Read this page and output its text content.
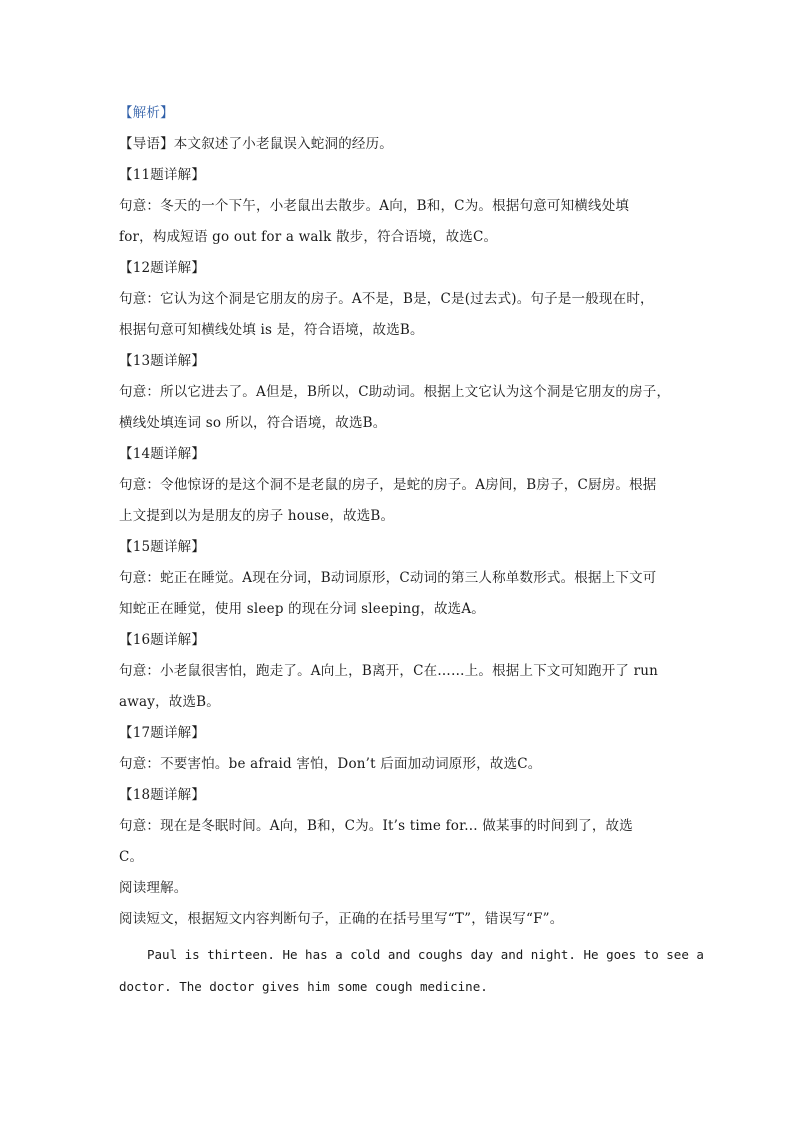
【解析】
【导语】本文叙述了小老鼠误入蛇洞的经历。
【11题详解】
句意：冬天的一个下午，小老鼠出去散步。A向，B和，C为。根据句意可知横线处填
for，构成短语 go out for a walk 散步，符合语境，故选C。
【12题详解】
句意：它认为这个洞是它朋友的房子。A不是，B是，C是(过去式)。句子是一般现在时，
根据句意可知横线处填 is 是，符合语境，故选B。
【13题详解】
句意：所以它进去了。A但是，B所以，C助动词。根据上文它认为这个洞是它朋友的房子，
横线处填连词 so 所以，符合语境，故选B。
【14题详解】
句意：令他惊讶的是这个洞不是老鼠的房子，是蛇的房子。A房间，B房子，C厨房。根据
上文提到以为是朋友的房子 house，故选B。
【15题详解】
句意：蛇正在睡觉。A现在分词，B动词原形，C动词的第三人称单数形式。根据上下文可
知蛇正在睡觉，使用 sleep 的现在分词 sleeping，故选A。
【16题详解】
句意：小老鼠很害怕，跑走了。A向上，B离开，C在……上。根据上下文可知跑开了 run
away，故选B。
【17题详解】
句意：不要害怕。be afraid 害怕，Don’t 后面加动词原形，故选C。
【18题详解】
句意：现在是冬眠时间。A向，B和，C为。It’s time for... 做某事的时间到了，故选
C。
阅读理解。
阅读短文，根据短文内容判断句子，正确的在括号里写“T”，错误写“F”。
Paul is thirteen. He has a cold and coughs day and night. He goes to see a
doctor. The doctor gives him some cough medicine.
